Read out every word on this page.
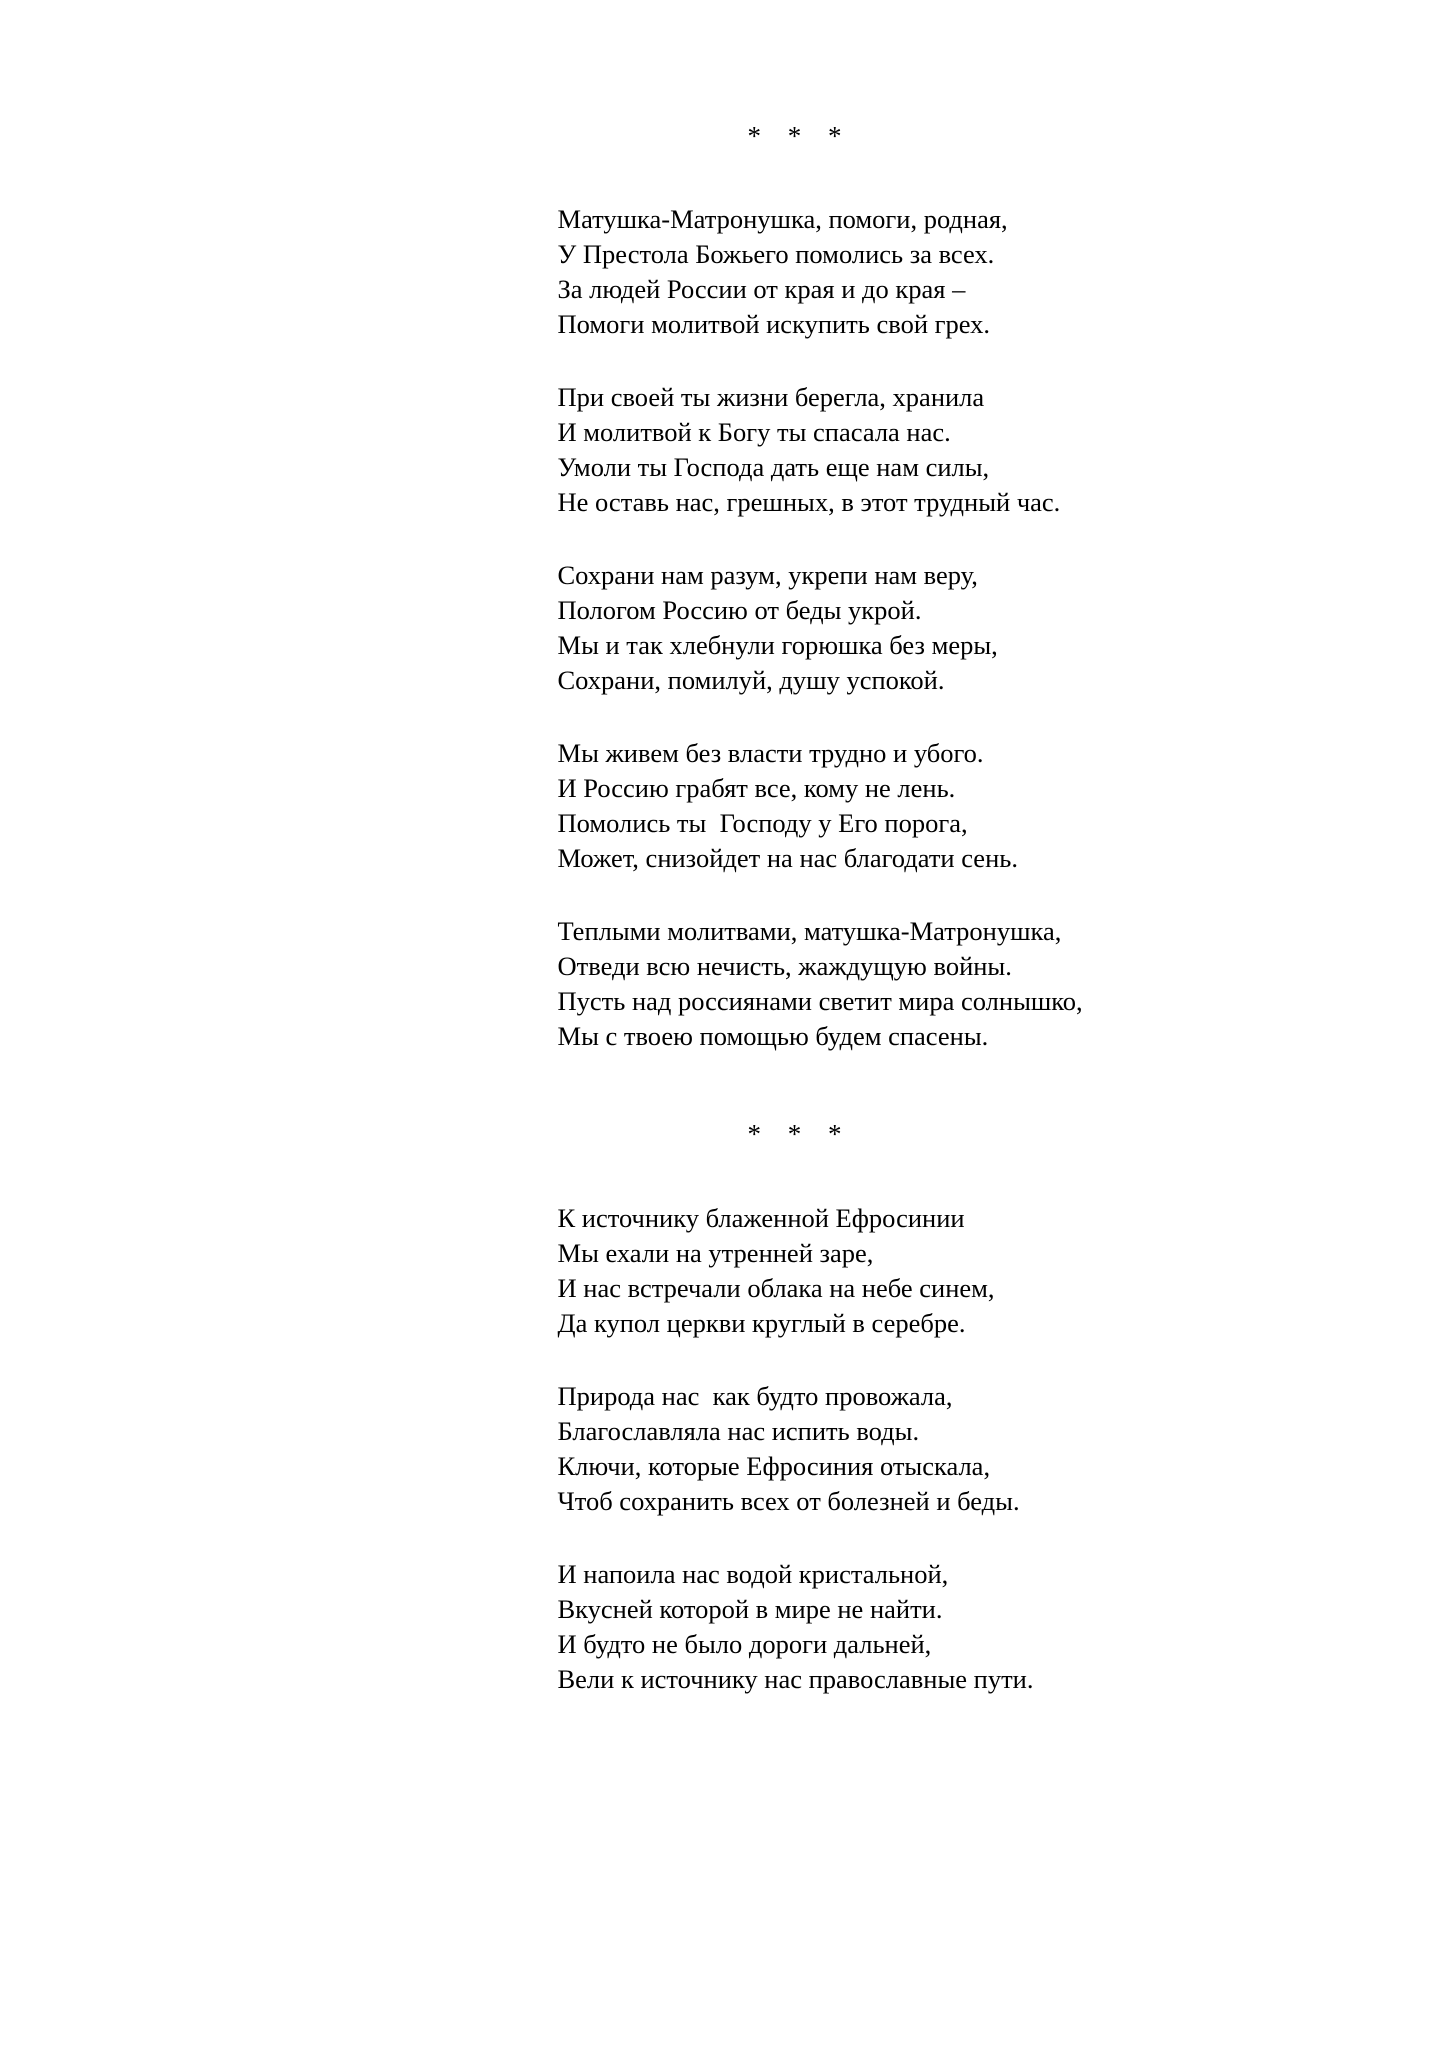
* * *
Матушка-Матронушка, помоги, родная,
У Престола Божьего помолись за всех.
За людей России от края и до края –
Помоги молитвой искупить свой грех.
При своей ты жизни берегла, хранила
И молитвой к Богу ты спасала нас.
Умоли ты Господа дать еще нам силы,
Не оставь нас, грешных, в этот трудный час.
Сохрани нам разум, укрепи нам веру,
Пологом Россию от беды укрой.
Мы и так хлебнули горюшка без меры,
Сохрани, помилуй, душу успокой.
Мы живем без власти трудно и убого.
И Россию грабят все, кому не лень.
Помолись ты  Господу у Его порога,
Может, снизойдет на нас благодати сень.
Теплыми молитвами, матушка-Матронушка,
Отведи всю нечисть, жаждущую войны.
Пусть над россиянами светит мира солнышко,
Мы с твоею помощью будем спасены.
* * *
К источнику блаженной Ефросинии
Мы ехали на утренней заре,
И нас встречали облака на небе синем,
Да купол церкви круглый в серебре.
Природа нас  как будто провожала,
Благославляла нас испить воды.
Ключи, которые Ефросиния отыскала,
Чтоб сохранить всех от болезней и беды.
И напоила нас водой кристальной,
Вкусней которой в мире не найти.
И будто не было дороги дальней,
Вели к источнику нас православные пути.
